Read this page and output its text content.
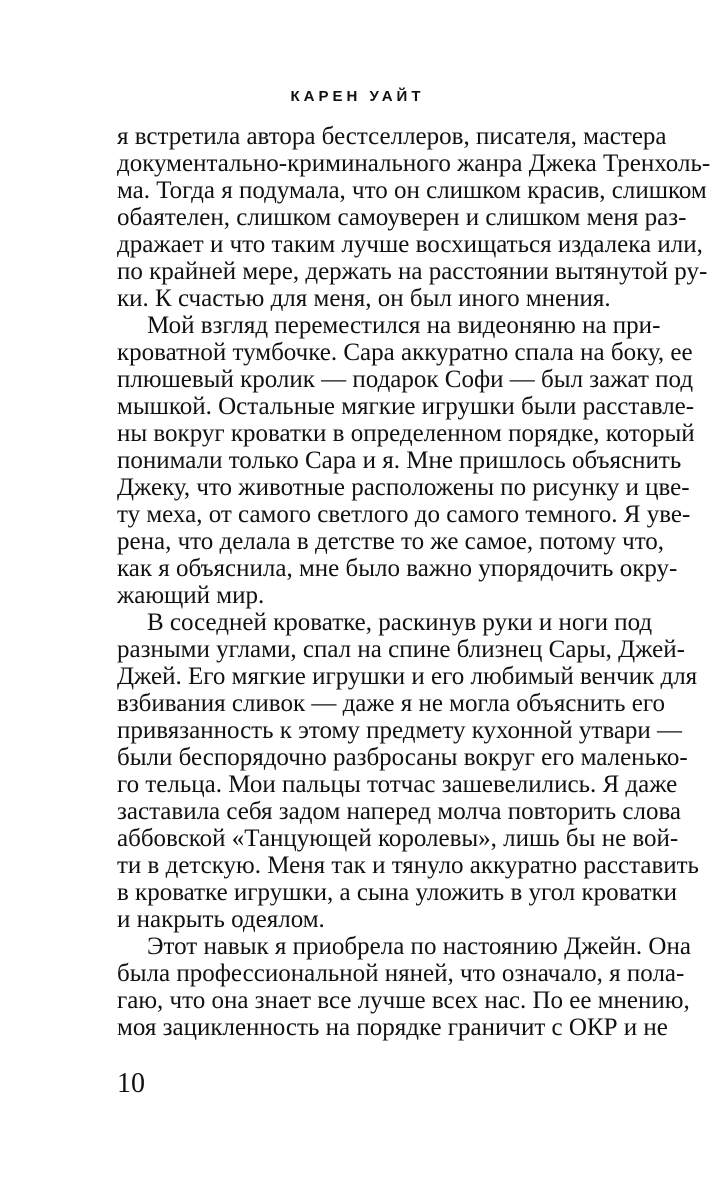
КАРЕН УАЙТ
я встретила автора бестселлеров, писателя, мастера
документально-криминального жанра Джека Тренхоль-
ма. Тогда я подумала, что он слишком красив, слишком
обаятелен, слишком самоуверен и слишком меня раз-
дражает и что таким лучше восхищаться издалека или,
по крайней мере, держать на расстоянии вытянутой ру-
ки. К счастью для меня, он был иного мнения.
Мой взгляд переместился на видеоняню на при-
кроватной тумбочке. Сара аккуратно спала на боку, ее
плюшевый кролик — подарок Софи — был зажат под
мышкой. Остальные мягкие игрушки были расставле-
ны вокруг кроватки в определенном порядке, который
понимали только Сара и я. Мне пришлось объяснить
Джеку, что животные расположены по рисунку и цве-
ту меха, от самого светлого до самого темного. Я уве-
рена, что делала в детстве то же самое, потому что,
как я объяснила, мне было важно упорядочить окру-
жающий мир.
В соседней кроватке, раскинув руки и ноги под
разными углами, спал на спине близнец Сары, Джей-
Джей. Его мягкие игрушки и его любимый венчик для
взбивания сливок — даже я не могла объяснить его
привязанность к этому предмету кухонной утвари —
были беспорядочно разбросаны вокруг его маленько-
го тельца. Мои пальцы тотчас зашевелились. Я даже
заставила себя задом наперед молча повторить слова
аббовской «Танцующей королевы», лишь бы не вой-
ти в детскую. Меня так и тянуло аккуратно расставить
в кроватке игрушки, а сына уложить в угол кроватки
и накрыть одеялом.
Этот навык я приобрела по настоянию Джейн. Она
была профессиональной няней, что означало, я пола-
гаю, что она знает все лучше всех нас. По ее мнению,
моя зацикленность на порядке граничит с ОКР и не
10
